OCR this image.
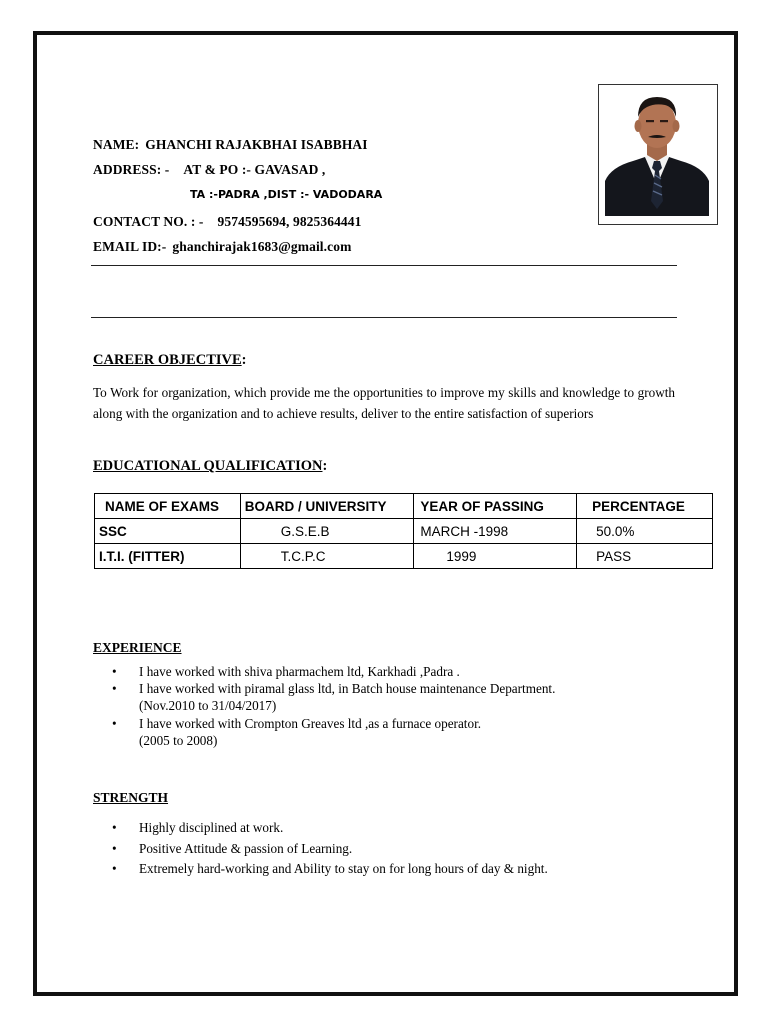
NAME: GHANCHI RAJAKBHAI ISABBHAI
ADDRESS: - AT & PO :- GAVASAD ,
TA :-PADRA ,DIST :- VADODARA
CONTACT NO. : - 9574595694, 9825364441
EMAIL ID:- ghanchirajak1683@gmail.com
CAREER OBJECTIVE:
To Work for organization, which provide me the opportunities to improve my skills and knowledge to growth along with the organization and to achieve results, deliver to the entire satisfaction of superiors
EDUCATIONAL QUALIFICATION:
NAME OF EXAMS	BOARD / UNIVERSITY	YEAR OF PASSING	PERCENTAGE
SSC	G.S.E.B	MARCH -1998	50.0%
I.T.I. (FITTER)	T.C.P.C	1999	PASS
EXPERIENCE
• I have worked with shiva pharmachem ltd, Karkhadi ,Padra .
• I have worked with piramal glass ltd, in Batch house maintenance Department.
(Nov.2010 to 31/04/2017)
• I have worked with Crompton Greaves ltd ,as a furnace operator.
(2005 to 2008)
STRENGTH
• Highly disciplined at work.
• Positive Attitude & passion of Learning.
• Extremely hard-working and Ability to stay on for long hours of day & night.
